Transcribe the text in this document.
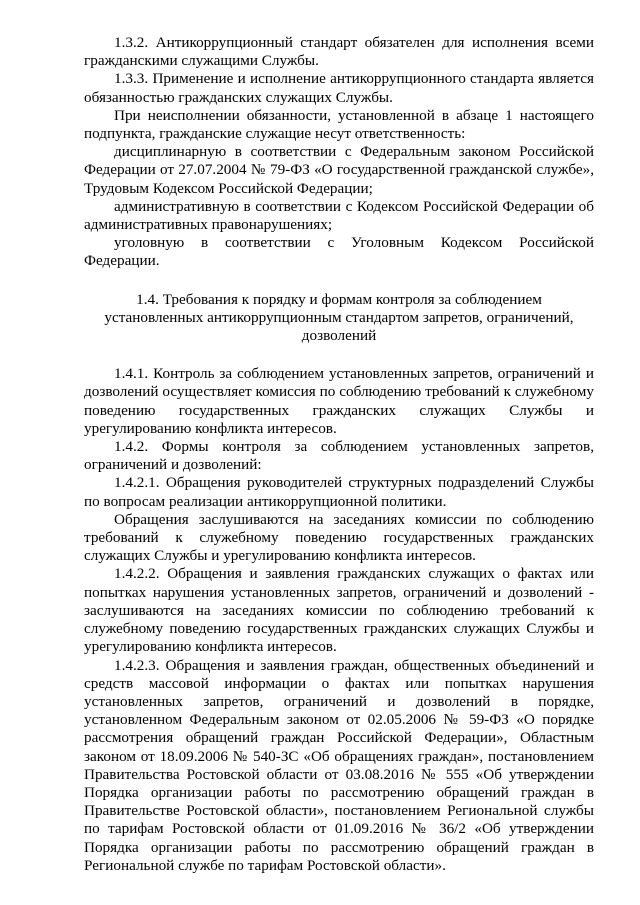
1.3.2. Антикоррупционный стандарт обязателен для исполнения всеми гражданскими служащими Службы.

1.3.3. Применение и исполнение антикоррупционного стандарта является обязанностью гражданских служащих Службы.

При неисполнении обязанности, установленной в абзаце 1 настоящего подпункта, гражданские служащие несут ответственность:

дисциплинарную в соответствии с Федеральным законом Российской Федерации от 27.07.2004 № 79-ФЗ «О государственной гражданской службе», Трудовым Кодексом Российской Федерации;

административную в соответствии с Кодексом Российской Федерации об административных правонарушениях;

уголовную в соответствии с Уголовным Кодексом Российской Федерации.

1.4. Требования к порядку и формам контроля за соблюдением установленных антикоррупционным стандартом запретов, ограничений, дозволений

1.4.1. Контроль за соблюдением установленных запретов, ограничений и дозволений осуществляет комиссия по соблюдению требований к служебному поведению государственных гражданских служащих Службы и урегулированию конфликта интересов.

1.4.2. Формы контроля за соблюдением установленных запретов, ограничений и дозволений:

1.4.2.1. Обращения руководителей структурных подразделений Службы по вопросам реализации антикоррупционной политики.

Обращения заслушиваются на заседаниях комиссии по соблюдению требований к служебному поведению государственных гражданских служащих Службы и урегулированию конфликта интересов.

1.4.2.2. Обращения и заявления гражданских служащих о фактах или попытках нарушения установленных запретов, ограничений и дозволений - заслушиваются на заседаниях комиссии по соблюдению требований к служебному поведению государственных гражданских служащих Службы и урегулированию конфликта интересов.

1.4.2.3. Обращения и заявления граждан, общественных объединений и средств массовой информации о фактах или попытках нарушения установленных запретов, ограничений и дозволений в порядке, установленном Федеральным законом от 02.05.2006 № 59-ФЗ «О порядке рассмотрения обращений граждан Российской Федерации», Областным законом от 18.09.2006 № 540-ЗС «Об обращениях граждан», постановлением Правительства Ростовской области от 03.08.2016 № 555 «Об утверждении Порядка организации работы по рассмотрению обращений граждан в Правительстве Ростовской области», постановлением Региональной службы по тарифам Ростовской области от 01.09.2016 № 36/2 «Об утверждении Порядка организации работы по рассмотрению обращений граждан в Региональной службе по тарифам Ростовской области».
